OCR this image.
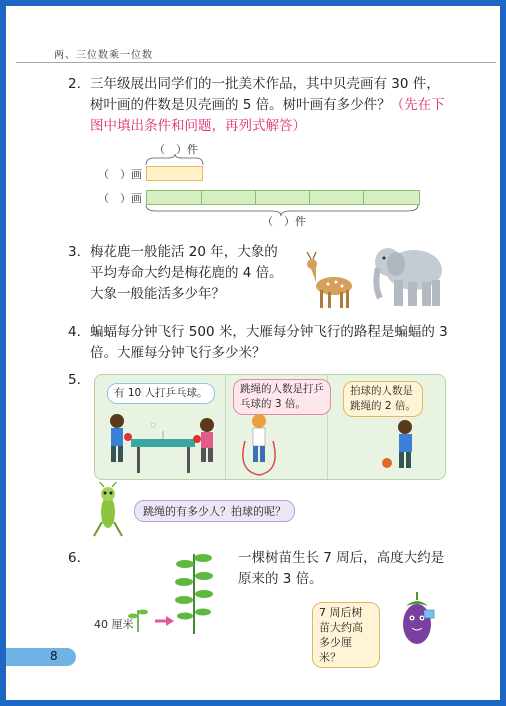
两、三位数乘一位数
2. 三年级展出同学们的一批美术作品，其中贝壳画有 30 件，
树叶画的件数是贝壳画的 5 倍。树叶画有多少件？（先在下
图中填出条件和问题，再列式解答）
（　）件
（　）画
（　）画
（　）件
3. 梅花鹿一般能活 20 年，大象的
平均寿命大约是梅花鹿的 4 倍。
大象一般能活多少年？
4. 蝙蝠每分钟飞行 500 米，大雁每分钟飞行的路程是蝙蝠的 3
倍。大雁每分钟飞行多少米？
5.
有 10 人打乒乓球。	跳绳的人数是打乒乓球的 3 倍。
拍球的人数是跳绳的 2 倍。
跳绳的有多少人？拍球的呢？
6.	一棵树苗生长 7 周后，高度大约是
原来的 3 倍。
40 厘米
7 周后树苗大约高多少厘米？
8
